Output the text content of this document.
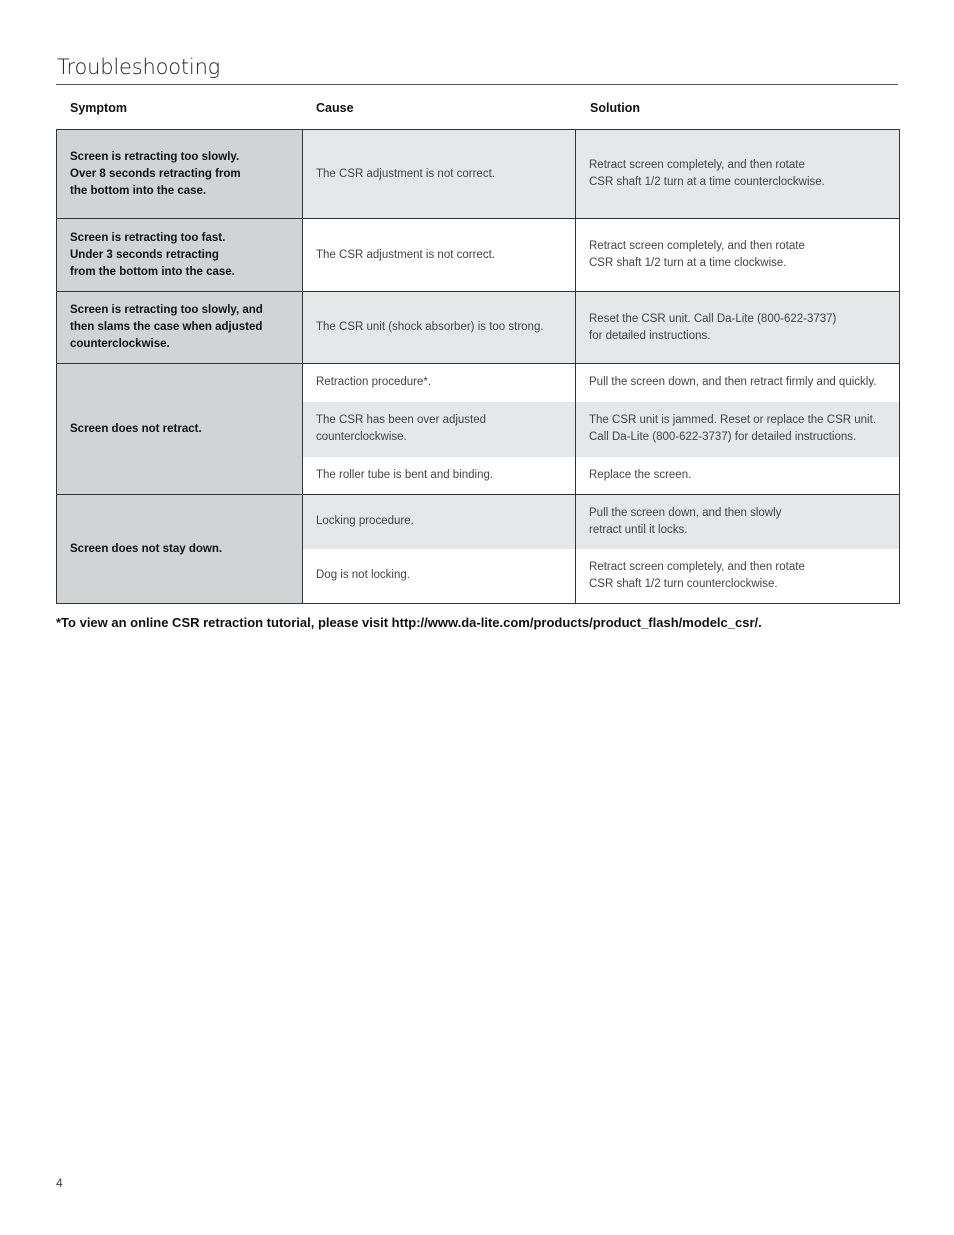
Troubleshooting
Symptom	Cause	Solution
Screen is retracting too slowly.
Over 8 seconds retracting from
the bottom into the case.	The CSR adjustment is not correct.	Retract screen completely, and then rotate
CSR shaft 1/2 turn at a time counterclockwise.
Screen is retracting too fast.
Under 3 seconds retracting
from the bottom into the case.	The CSR adjustment is not correct.	Retract screen completely, and then rotate
CSR shaft 1/2 turn at a time clockwise.
Screen is retracting too slowly, and
then slams the case when adjusted
counterclockwise.	The CSR unit (shock absorber) is too strong.	Reset the CSR unit. Call Da-Lite (800-622-3737)
for detailed instructions.
Screen does not retract.	Retraction procedure*.	Pull the screen down, and then retract firmly and quickly.
	The CSR has been over adjusted
counterclockwise.	The CSR unit is jammed. Reset or replace the CSR unit.
Call Da-Lite (800-622-3737) for detailed instructions.
	The roller tube is bent and binding.	Replace the screen.
Screen does not stay down.	Locking procedure.	Pull the screen down, and then slowly
retract until it locks.
	Dog is not locking.	Retract screen completely, and then rotate
CSR shaft 1/2 turn counterclockwise.
*To view an online CSR retraction tutorial, please visit http://www.da-lite.com/products/product_flash/modelc_csr/.
4
